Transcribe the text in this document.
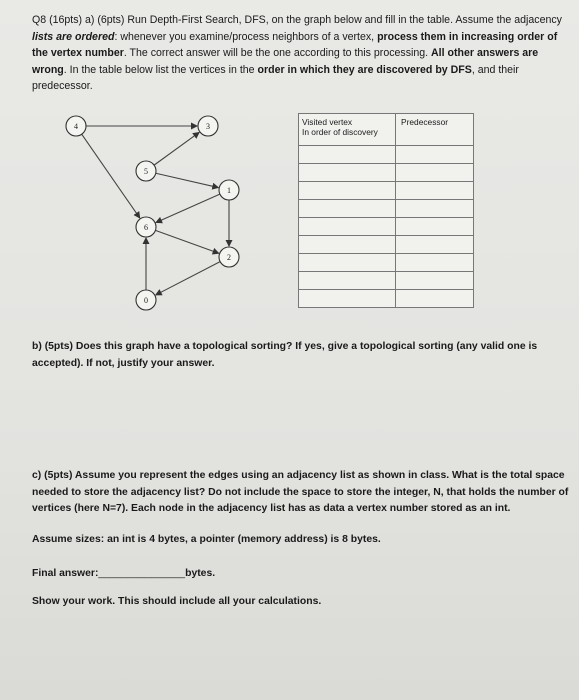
Q8 (16pts) a) (6pts) Run Depth-First Search, DFS, on the graph below and fill in the table. Assume the adjacency lists are ordered: whenever you examine/process neighbors of a vertex, process them in increasing order of the vertex number. The correct answer will be the one according to this processing. All other answers are wrong. In the table below list the vertices in the order in which they are discovered by DFS, and their predecessor.
4	3
5
1
6
2
0
Visited vertex
In order of discovery	Predecessor

b) (5pts) Does this graph have a topological sorting? If yes, give a topological sorting (any valid one is accepted). If not, justify your answer.
c) (5pts) Assume you represent the edges using an adjacency list as shown in class. What is the total space needed to store the adjacency list? Do not include the space to store the integer, N, that holds the number of vertices (here N=7). Each node in the adjacency list has as data a vertex number stored as an int.
Assume sizes: an int is 4 bytes, a pointer (memory address) is 8 bytes.
Final answer:_______________bytes.
Show your work. This should include all your calculations.
